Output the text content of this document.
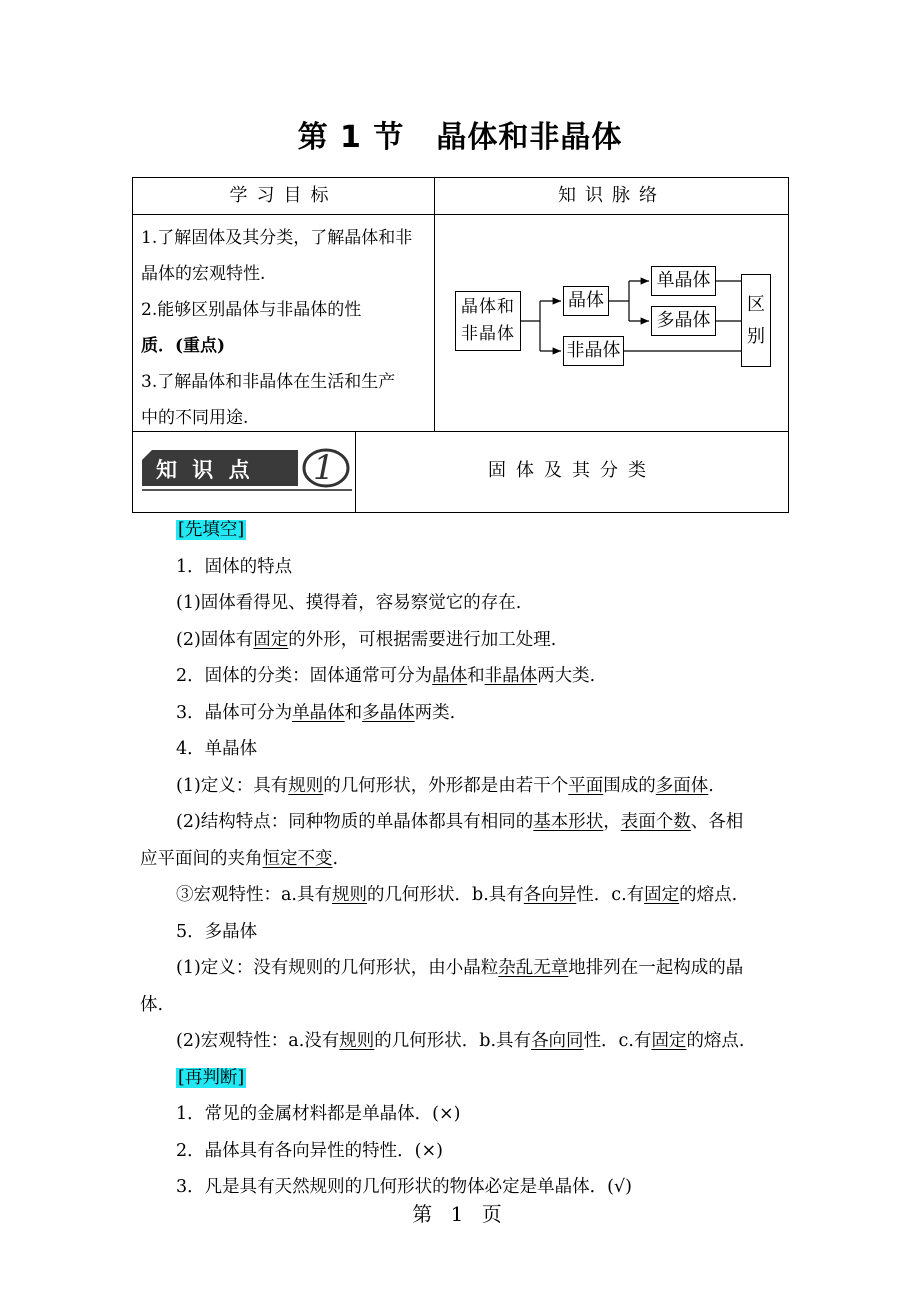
第 1 节 晶体和非晶体
学习目标	知识脉络

1.了解固体及其分类，了解晶体和非

晶体的宏观特性.

2.能够区别晶体与非晶体的性

质．(重点)

3.了解晶体和非晶体在生活和生产

中的不同用途.

晶体和非晶体
晶体
非晶体
单晶体
多晶体
区别
固体及其分类
知 识 点 1

[先填空]

1．固体的特点

(1)固体看得见、摸得着，容易察觉它的存在.

(2)固体有固定的外形，可根据需要进行加工处理.

2．固体的分类：固体通常可分为晶体和非晶体两大类.

3．晶体可分为单晶体和多晶体两类.

4．单晶体

(1)定义：具有规则的几何形状，外形都是由若干个平面围成的多面体.

(2)结构特点：同种物质的单晶体都具有相同的基本形状，表面个数、各相

应平面间的夹角恒定不变.

③宏观特性：a.具有规则的几何形状．b.具有各向异性．c.有固定的熔点.

5．多晶体

(1)定义：没有规则的几何形状，由小晶粒杂乱无章地排列在一起构成的晶

体.

(2)宏观特性：a.没有规则的几何形状．b.具有各向同性．c.有固定的熔点.

[再判断]

1．常见的金属材料都是单晶体．(×)

2．晶体具有各向异性的特性．(×)

3．凡是具有天然规则的几何形状的物体必定是单晶体．(√)

第 1 页
